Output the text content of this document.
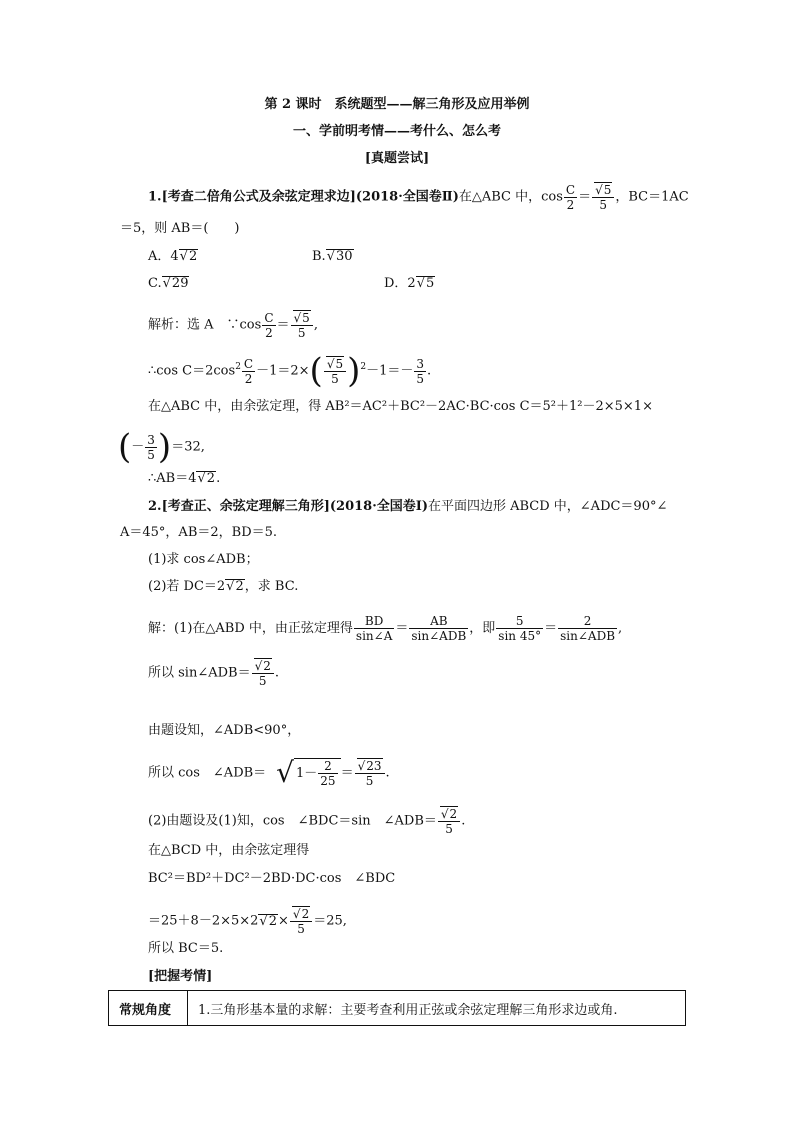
第 2 课时　系统题型——解三角形及应用举例
一、学前明考情——考什么、怎么考
[真题尝试]
1.[考查二倍角公式及余弦定理求边](2018·全国卷Ⅱ)在△ABC 中，$\cos \frac{C}{2}$ ＝ √ $\frac{5}{5}$ ，BC＝1AC
＝5，则 AB＝(　　)
A．4 √ 2	B. √ 30
C. √ 29	D．2 √ 5
解析：选 A　∵cos $\frac{C}{2}$ ＝ √ $\frac{5}{5}$ ,
∴cos $C=2\cos^2 \frac{C}{2} -1=2\times$( √ $\frac{5}{5} )^2-1=- \frac{3}{5}$ .
在△ABC 中，由余弦定理，得 AB²＝AC²＋BC²－2AC·BC·cos C＝5²＋1²－2×5×1×
(－ $\frac{3}{5} )=32$,
∴AB＝4 √ 2.
2.[考查正、余弦定理解三角形](2018·全国卷Ⅰ)在平面四边形 ABCD 中，∠ADC＝90°∠
A＝45°，AB＝2，BD＝5.
(1)求 cos∠ADB；
(2)若 DC＝2 √ 2，求 BC.
解：(1)在△ABD 中，由正弦定理得 $\frac{BD}{\sin\angle A} = \frac{AB}{\text{sin∠ADB}}$ ，即 $\frac{5}{\sin 45^\circ} = \frac{2}{\text{sin∠ADB}}$ ,
所以 sin∠ADB＝ √ $\frac{2}{5}$ .
由题设知，∠ADB<90°，
所以 cos　∠ADB＝ √ $1- \frac{2}{25}$ ＝ √ $\frac{23}{5}$ .
(2)由题设及(1)知，cos　∠BDC＝sin　∠ADB＝ √ $\frac{2}{5}$ .
在△BCD 中，由余弦定理得
BC²＝BD²＋DC²－2BD·DC·cos　∠BDC
＝25＋8－2×5×2 √ 2× √ $\frac{2}{5} =25$,
所以 BC＝5.
[把握考情]
常规角度 1.三角形基本量的求解：主要考查利用正弦或余弦定理解三角形求边或角.
